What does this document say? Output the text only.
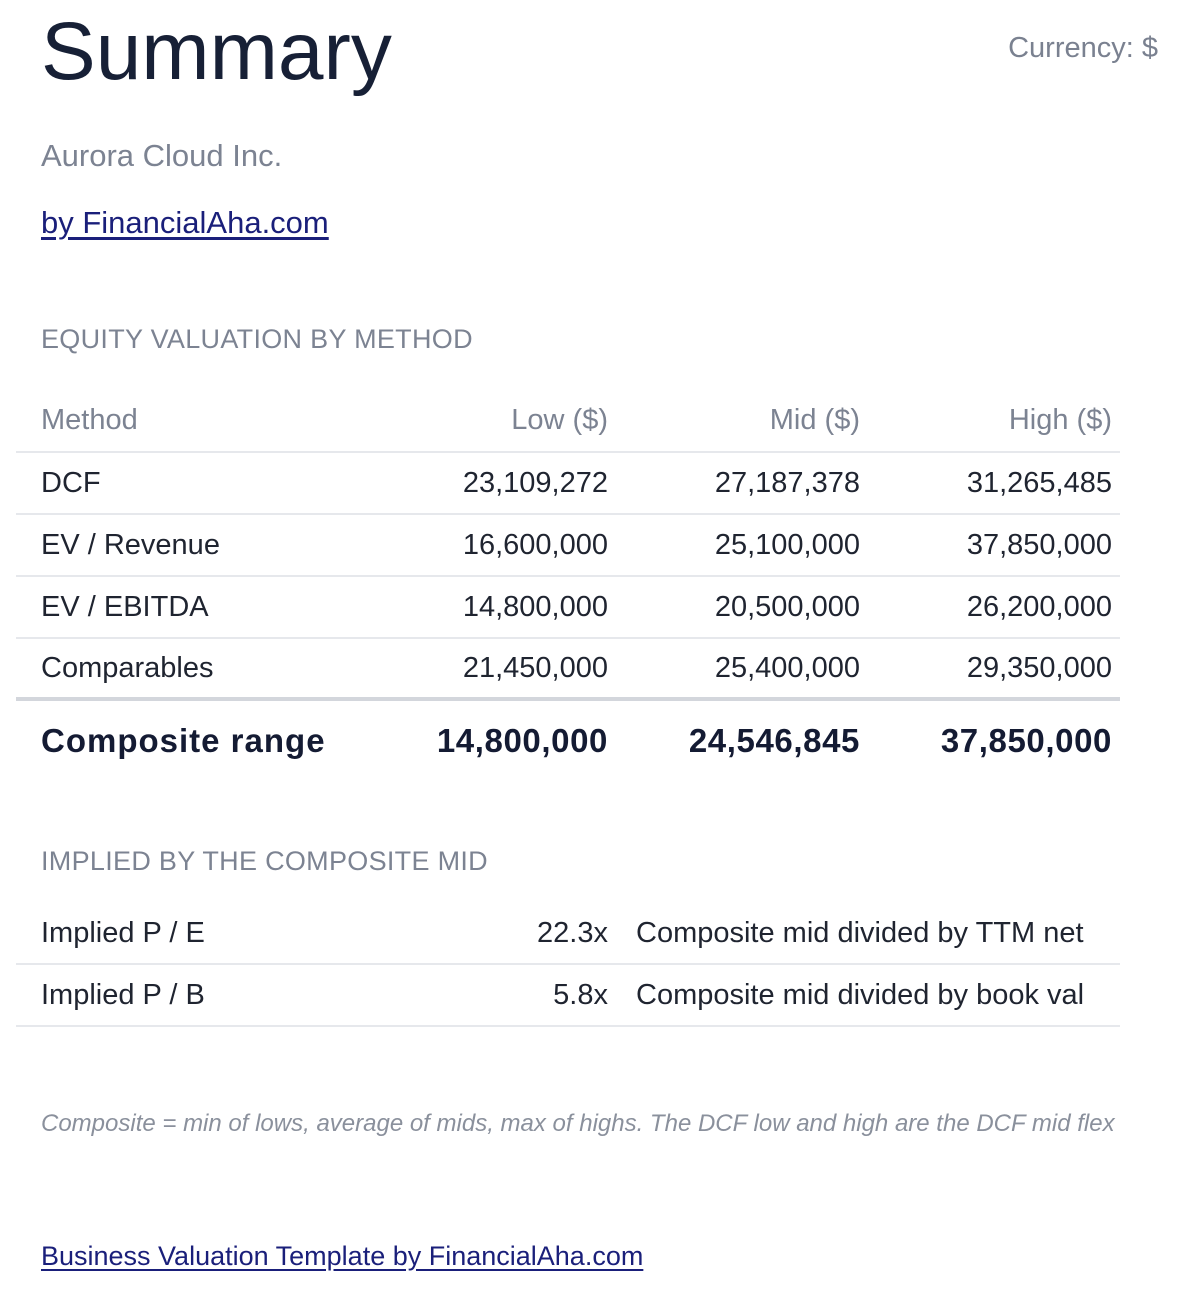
Summary	Currency: $
Aurora Cloud Inc.
by FinancialAha.com
EQUITY VALUATION BY METHOD
Method	Low ($)	Mid ($)	High ($)
DCF	23,109,272	27,187,378	31,265,485
EV / Revenue	16,600,000	25,100,000	37,850,000
EV / EBITDA	14,800,000	20,500,000	26,200,000
Comparables	21,450,000	25,400,000	29,350,000
Composite range	14,800,000	24,546,845	37,850,000
IMPLIED BY THE COMPOSITE MID
Implied P / E	22.3x Composite mid divided by TTM net
Implied P / B	5.8x Composite mid divided by book val
Composite = min of lows, average of mids, max of highs. The DCF low and high are the DCF mid flex
Business Valuation Template by FinancialAha.com
